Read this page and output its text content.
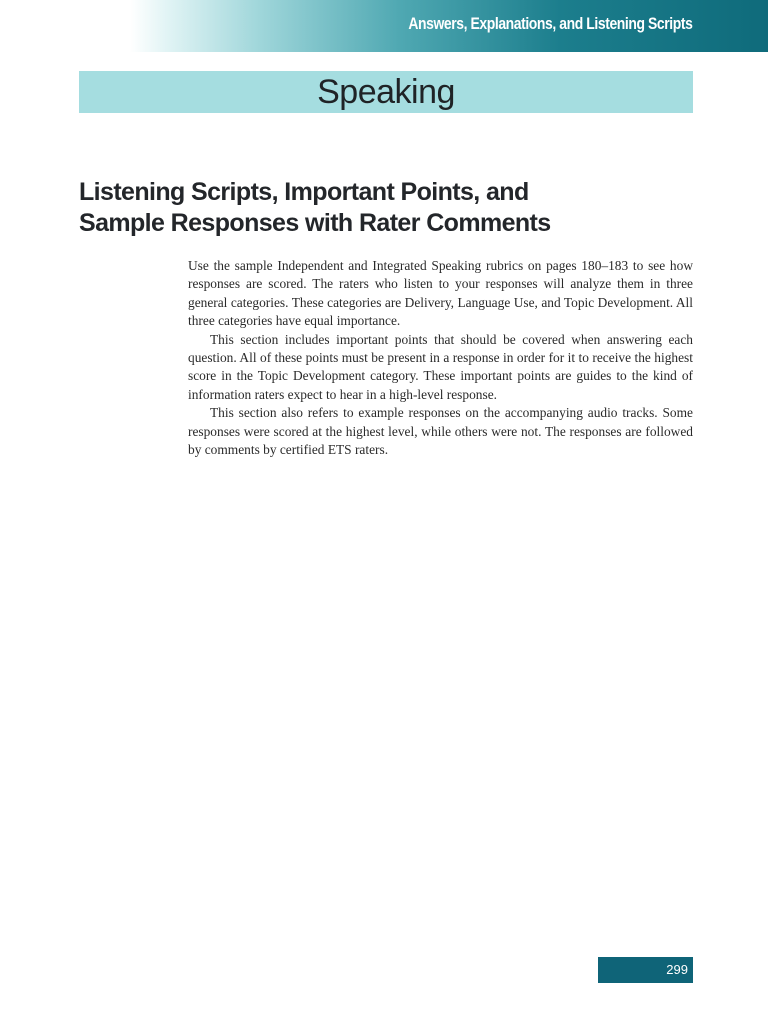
Answers, Explanations, and Listening Scripts
Speaking
Listening Scripts, Important Points, and
Sample Responses with Rater Comments

Use the sample Independent and Integrated Speaking rubrics on pages 180–183 to see how responses are scored. The raters who listen to your responses will analyze them in three general categories. These categories are Delivery, Language Use, and Topic Development. All three categories have equal importance.

This section includes important points that should be covered when answering each question. All of these points must be present in a response in order for it to receive the highest score in the Topic Development category. These important points are guides to the kind of information raters expect to hear in a high-level response.

This section also refers to example responses on the accompanying audio tracks. Some responses were scored at the highest level, while others were not. The responses are followed by comments by certified ETS raters.

299
